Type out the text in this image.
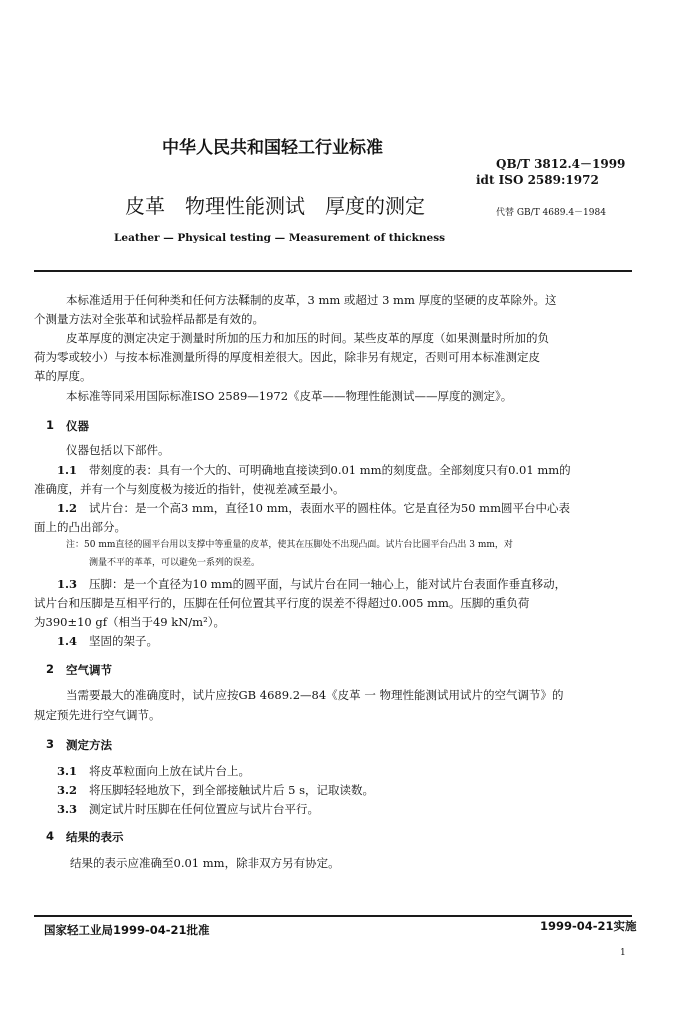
中华人民共和国轻工行业标准
QB/T 3812.4－1999
idt ISO 2589:1972
皮革　物理性能测试　厚度的测定	代替 GB/T 4689.4－1984
Leather — Physical testing — Measurement of thickness
本标准适用于任何种类和任何方法鞣制的皮革，3 mm 或超过 3 mm 厚度的坚硬的皮革除外。这
个测量方法对全张革和试验样品都是有效的。
皮革厚度的测定决定于测量时所加的压力和加压的时间。某些皮革的厚度（如果测量时所加的负
荷为零或较小）与按本标准测量所得的厚度相差很大。因此，除非另有规定，否则可用本标准测定皮
革的厚度。
本标准等同采用国际标准ISO 2589—1972《皮革——物理性能测试——厚度的测定》。
1 仪器
仪器包括以下部件。
1.1 带刻度的表：具有一个大的、可明确地直接读到0.01 mm的刻度盘。全部刻度只有0.01 mm的
准确度，并有一个与刻度极为接近的指针，使视差减至最小。
1.2 试片台：是一个高3 mm，直径10 mm，表面水平的圆柱体。它是直径为50 mm圆平台中心表
面上的凸出部分。
注：50 mm直径的圆平台用以支撑中等重量的皮革，使其在压脚处不出现凸面。试片台比圆平台凸出 3 mm，对
测量不平的革革，可以避免一系列的误差。
1.3 压脚：是一个直径为10 mm的圆平面，与试片台在同一轴心上，能对试片台表面作垂直移动，
试片台和压脚是互相平行的，压脚在任何位置其平行度的误差不得超过0.005 mm。压脚的重负荷
为390±10 gf（相当于49 kN/m²）。
1.4 坚固的架子。
2 空气调节
当需要最大的准确度时，试片应按GB 4689.2—84《皮革 一 物理性能测试用试片的空气调节》的
规定预先进行空气调节。
3 测定方法
3.1 将皮革粒面向上放在试片台上。
3.2 将压脚轻轻地放下，到全部接触试片后 5 s，记取读数。
3.3 测定试片时压脚在任何位置应与试片台平行。
4 结果的表示
结果的表示应准确至0.01 mm，除非双方另有协定。
国家轻工业局1999-04-21批准	1999-04-21实施
1
